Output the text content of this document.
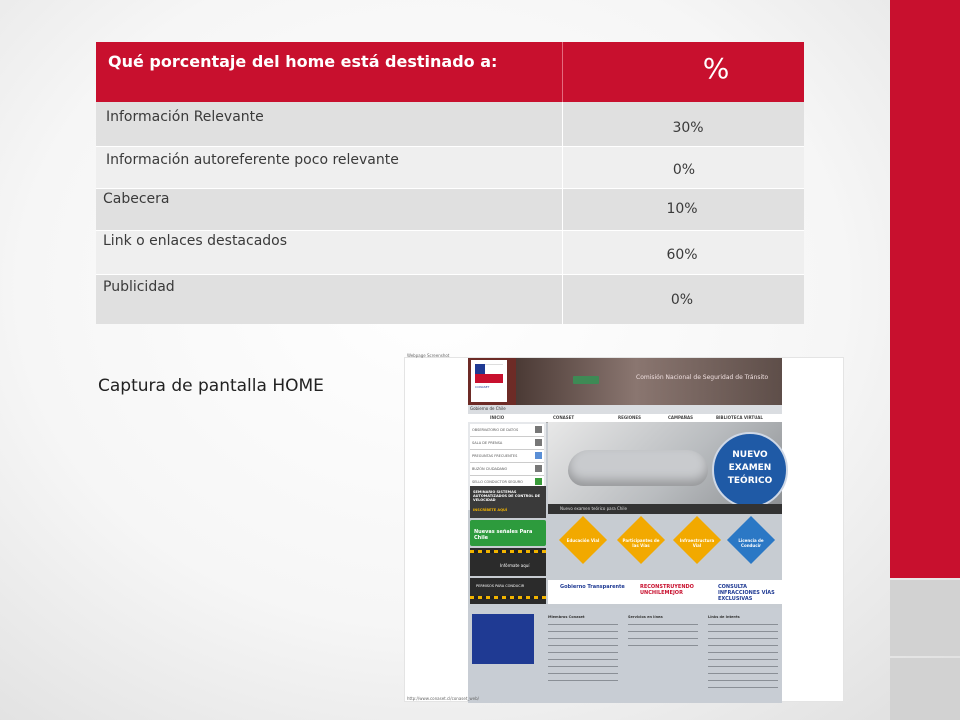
Qué porcentaje del home está destinado a:	%
Información Relevante
30%
Información autoreferente poco relevante
0%
Cabecera
10%
Link o enlaces destacados
60%
Publicidad
0%
Captura de pantalla HOME
Webpage Screenshot
CONASET
Comisión Nacional de Seguridad de Tránsito
Gobierno de Chile
INICIO	CONASET	REGIONES	CAMPAÑAS	BIBLIOTECA VIRTUAL
OBSERVATORIO DE DATOS
SALA DE PRENSA
PREGUNTAS FRECUENTES
BUZÓN CIUDADANO
SELLO CONDUCTOR SEGURO
NUEVO
EXAMEN
TEÓRICO
Nuevo examen teórico para Chile
SEMINARIO SISTEMAS AUTOMATIZADOS DE CONTROL DE VELOCIDAD
INSCRÍBETE AQUÍ
Nuevas señales Para Chile
Infórmate aquí
PERMISOS PARA CONDUCIR
Educación Vial	Participantes de las Vías
Infraestructura Vial
Licencia de Conducir
Gobierno Transparente	RECONSTRUYENDO UNCHILEMEJOR
CONSULTA INFRACCIONES VÍAS EXCLUSIVAS
Miembros Conaset	Servicios en línea	Links de Interés
http://www.conaset.cl/conaset_web/
